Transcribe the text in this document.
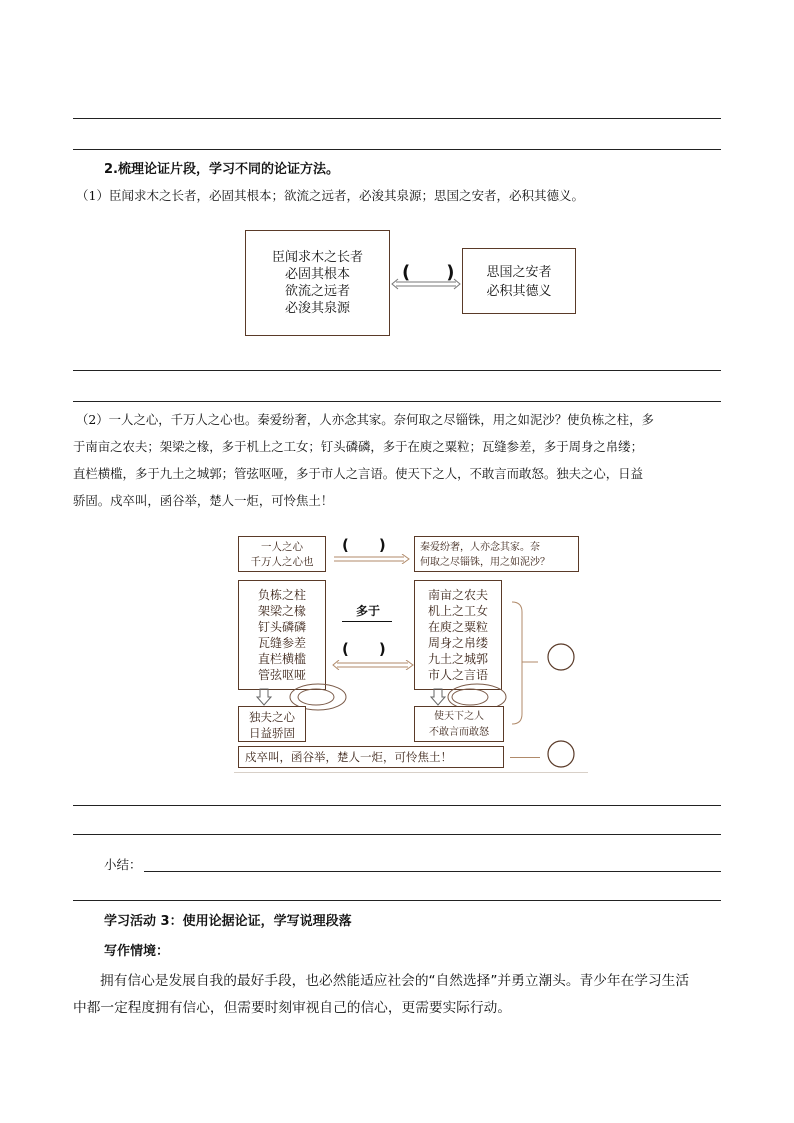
2.梳理论证片段，学习不同的论证方法。
（1）臣闻求木之长者，必固其根本；欲流之远者，必浚其泉源；思国之安者，必积其德义。
臣闻求木之长者
必固其根本
欲流之远者
必浚其泉源
(　　)	思国之安者
必积其德义
（2）一人之心，千万人之心也。秦爱纷奢，人亦念其家。奈何取之尽锱铢，用之如泥沙？使负栋之柱，多
于南亩之农夫；架梁之椽，多于机上之工女；钉头磷磷，多于在庾之粟粒；瓦缝参差，多于周身之帛缕；
直栏横槛，多于九土之城郭；管弦呕哑，多于市人之言语。使天下之人，不敢言而敢怒。独夫之心，日益
骄固。戍卒叫，函谷举，楚人一炬，可怜焦土！
一人之心
千万人之心也
(　　)	秦爱纷奢，人亦念其家。奈
何取之尽锱铢，用之如泥沙？
负栋之柱
架梁之椽
钉头磷磷
瓦缝参差
直栏横槛
管弦呕哑
多于
(　　)
南亩之农夫
机上之工女
在庾之粟粒
周身之帛缕
九土之城郭
市人之言语
独夫之心
日益骄固
使天下之人
不敢言而敢怒
戍卒叫，函谷举，楚人一炬，可怜焦土！
小结：
学习活动 3：使用论据论证，学写说理段落
写作情境：
拥有信心是发展自我的最好手段，也必然能适应社会的“自然选择”并勇立潮头。青少年在学习生活
中都一定程度拥有信心，但需要时刻审视自己的信心，更需要实际行动。
